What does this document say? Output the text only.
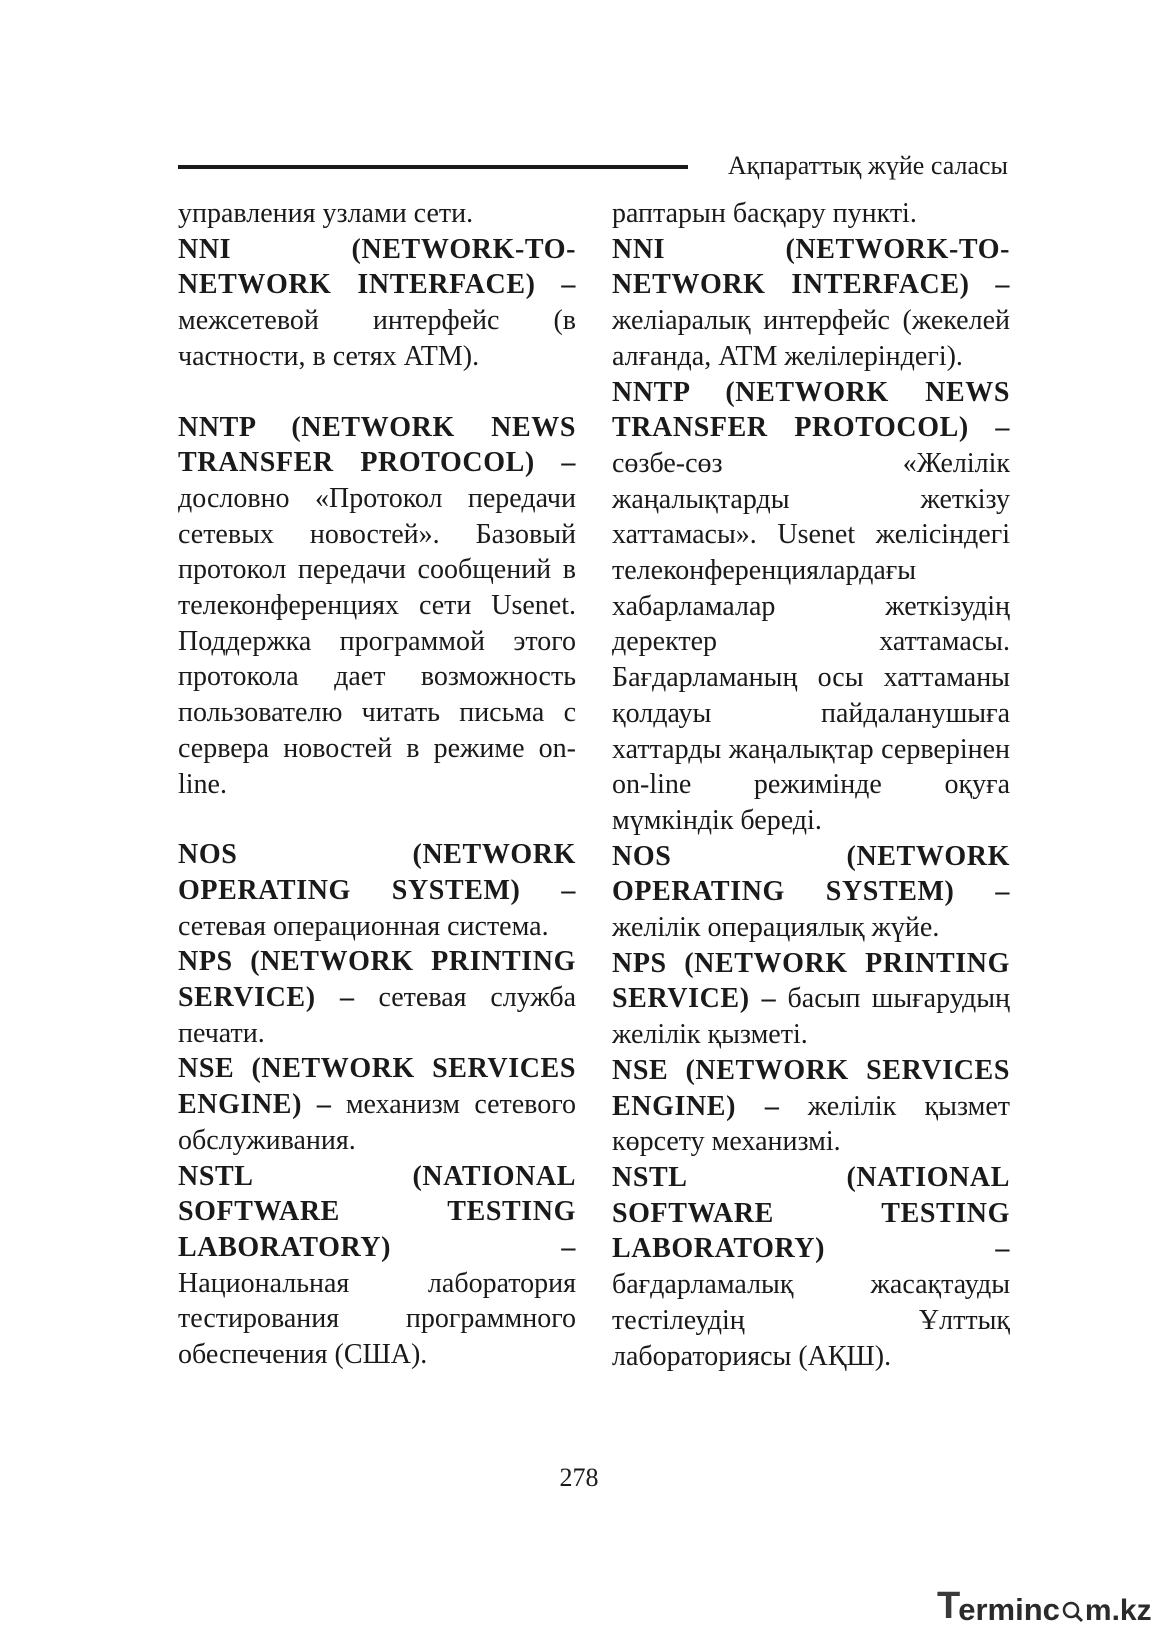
Ақпараттық жүйе саласы

управления узлами сети.

NNI (NETWORK-TO-NETWORK INTERFACE) – межсетевой интерфейс (в частности, в сетях ATM).

NNTP (NETWORK NEWS TRANSFER PROTOCOL) – дословно «Протокол передачи сетевых новостей». Базовый протокол передачи сообщений в телеконференциях сети Usenet. Поддержка программой этого протокола дает возможность пользователю читать письма с сервера новостей в режиме on-line.

NOS (NETWORK OPERATING SYSTEM) – сетевая операционная система.

NPS (NETWORK PRINTING SERVICE) – сетевая служба печати.

NSE (NETWORK SERVICES ENGINE) – механизм сетевого обслуживания.

NSTL (NATIONAL SOFTWARE TESTING LABORATORY) – Национальная лаборатория тестирования программного обеспечения (США).

раптарын басқару пункті.

NNI (NETWORK-TO-NETWORK INTERFACE) – желіаралық интерфейс (жекелей алғанда, ATM желілеріндегі).

NNTP (NETWORK NEWS TRANSFER PROTOCOL) – сөзбе-сөз «Желілік жаңалықтарды жеткізу хаттамасы». Usenet желісіндегі телеконференциялардағы хабарламалар жеткізудің деректер хаттамасы. Бағдарламаның осы хаттаманы қолдауы пайдаланушыға хаттарды жаңалықтар серверінен on-line режимінде оқуға мүмкіндік береді.

NOS (NETWORK OPERATING SYSTEM) – желілік операциялық жүйе.

NPS (NETWORK PRINTING SERVICE) – басып шығарудың желілік қызметі.

NSE (NETWORK SERVICES ENGINE) – желілік қызмет көрсету механизмі.

NSTL (NATIONAL SOFTWARE TESTING LABORATORY) – бағдарламалық жасақтауды тестілеудің Ұлттық лабораториясы (АҚШ).

278
T
erminc m.kz
